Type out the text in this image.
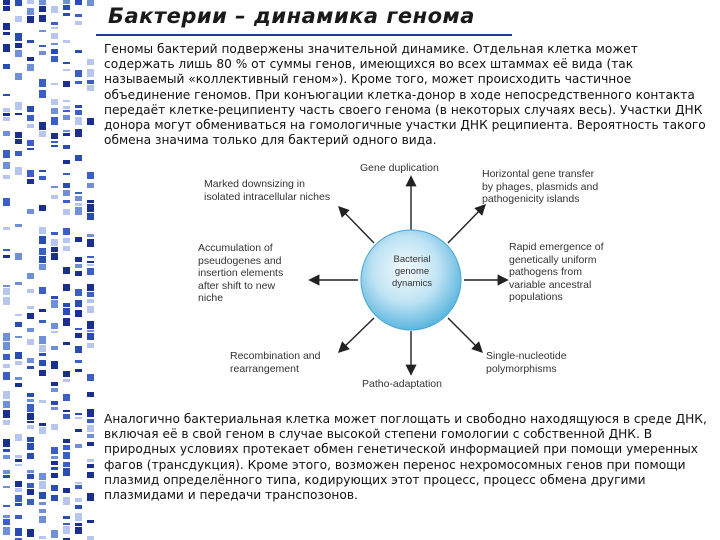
Бактерии – динамика генома

Геномы бактерий подвержены значительной динамике. Отдельная клетка может содержать лишь 80 % от суммы генов, имеющихся во всех штаммах её вида (так называемый «коллективный геном»). Кроме того, может происходить частичное объединение геномов. При конъюгации клетка-донор в ходе непосредственного контакта передаёт клетке-реципиенту часть своего генома (в некоторых случаях весь). Участки ДНК донора могут обмениваться на гомологичные участки ДНК реципиента. Вероятность такого обмена значима только для бактерий одного вида.

Bacterial
genome
dynamics
Gene duplication	Horizontal gene transfer
by phages, plasmids and
pathogenicity islands
Rapid emergence of
genetically uniform
pathogens from
variable ancestral
populations
Single-nucleotide
polymorphisms
Patho-adaptation
Recombination and
rearrangement
Accumulation of
pseudogenes and
insertion elements
after shift to new
niche
Marked downsizing in
isolated intracellular niches

Аналогично бактериальная клетка может поглощать и свободно находящуюся в среде ДНК, включая её в свой геном в случае высокой степени гомологии с собственной ДНК. В природных условиях протекает обмен генетической информацией при помощи умеренных фагов (трансдукция). Кроме этого, возможен перенос нехромосомных генов при помощи плазмид определённого типа, кодирующих этот процесс, процесс обмена другими плазмидами и передачи транспозонов.
